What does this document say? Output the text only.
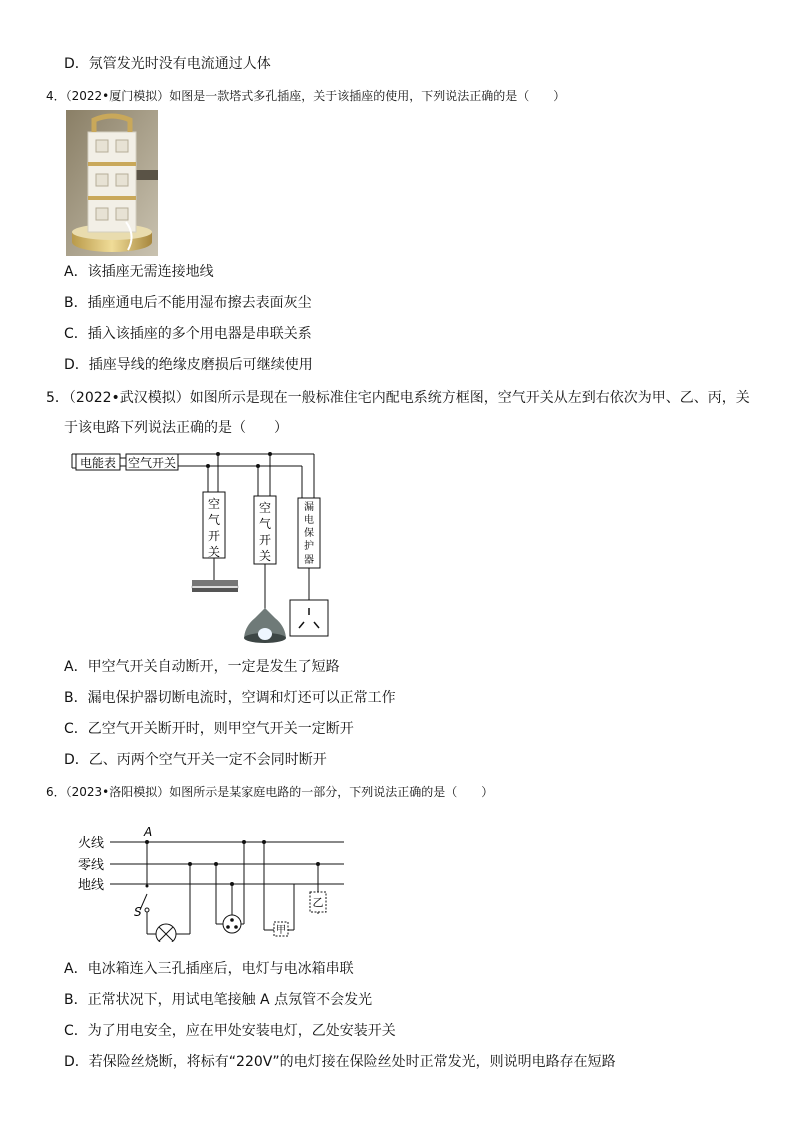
D．氖管发光时没有电流通过人体
4．（2022•厦门模拟）如图是一款塔式多孔插座，关于该插座的使用，下列说法正确的是（　　）
A．该插座无需连接地线
B．插座通电后不能用湿布擦去表面灰尘
C．插入该插座的多个用电器是串联关系
D．插座导线的绝缘皮磨损后可继续使用
5．（2022•武汉模拟）如图所示是现在一般标准住宅内配电系统方框图，空气开关从左到右依次为甲、乙、丙，关
于该电路下列说法正确的是（　　）
电能表 空气开关
空
气
开
关
空
气
开
关
漏
电
保
护
器
A．甲空气开关自动断开，一定是发生了短路
B．漏电保护器切断电流时，空调和灯还可以正常工作
C．乙空气开关断开时，则甲空气开关一定断开
D．乙、丙两个空气开关一定不会同时断开
6．（2023•洛阳模拟）如图所示是某家庭电路的一部分，下列说法正确的是（　　）
火线
零线
地线
A
S
甲
乙
A．电冰箱连入三孔插座后，电灯与电冰箱串联
B．正常状况下，用试电笔接触 A 点氖管不会发光
C．为了用电安全，应在甲处安装电灯，乙处安装开关
D．若保险丝烧断，将标有“220V”的电灯接在保险丝处时正常发光，则说明电路存在短路
